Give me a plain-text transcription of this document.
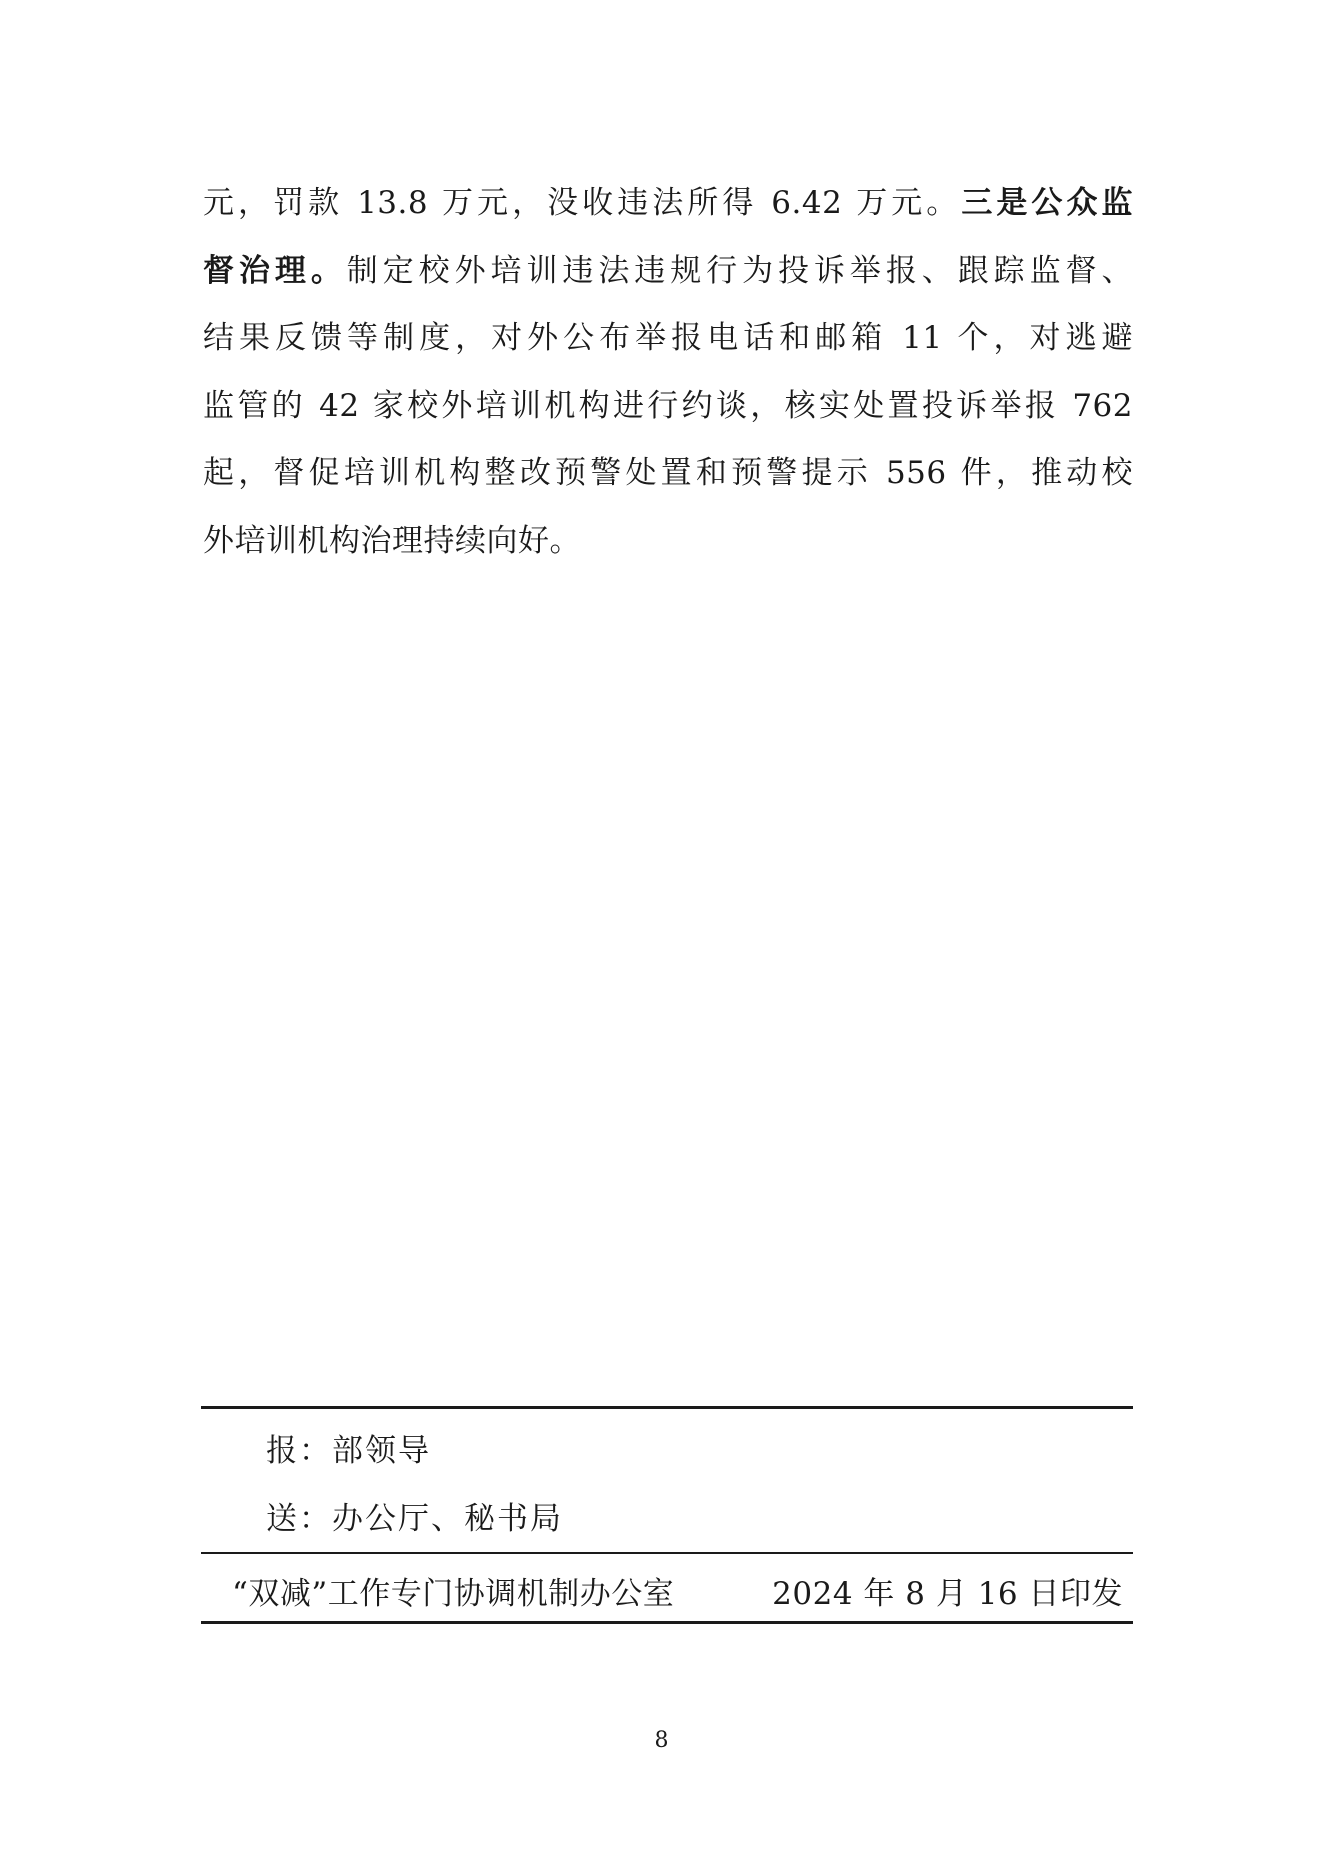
元，罚款 13.8 万元，没收违法所得 6.42 万元。三是公众监
督治理。制定校外培训违法违规行为投诉举报、跟踪监督、
结果反馈等制度，对外公布举报电话和邮箱 11 个，对逃避
监管的 42 家校外培训机构进行约谈，核实处置投诉举报 762
起，督促培训机构整改预警处置和预警提示 556 件，推动校
外培训机构治理持续向好。
报：部领导
送：办公厅、秘书局
“双减”工作专门协调机制办公室	2024 年 8 月 16 日印发
8
